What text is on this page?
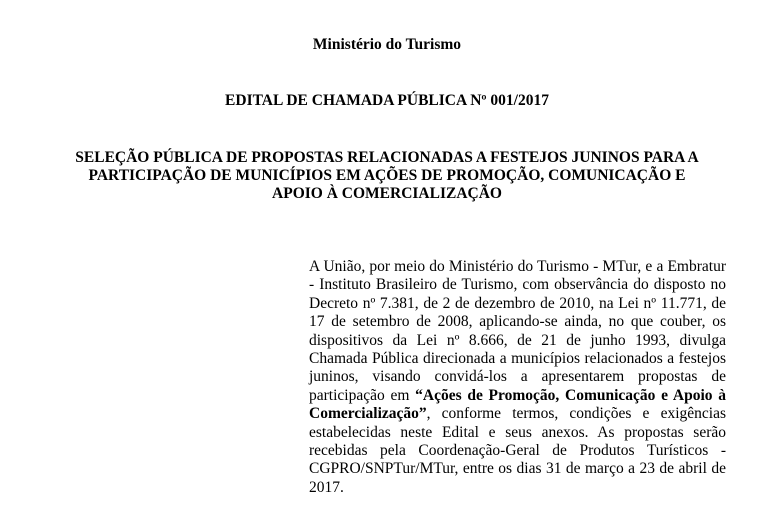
Ministério do Turismo

EDITAL DE CHAMADA PÚBLICA Nº 001/2017

SELEÇÃO PÚBLICA DE PROPOSTAS RELACIONADAS A FESTEJOS JUNINOS PARA A
PARTICIPAÇÃO DE MUNICÍPIOS EM AÇÕES DE PROMOÇÃO, COMUNICAÇÃO E
APOIO À COMERCIALIZAÇÃO

A União, por meio do Ministério do Turismo - MTur, e a Embratur - Instituto Brasileiro de Turismo, com observância do disposto no Decreto nº 7.381, de 2 de dezembro de 2010, na Lei nº 11.771, de 17 de setembro de 2008, aplicando-se ainda, no que couber, os dispositivos da Lei nº 8.666, de 21 de junho 1993, divulga Chamada Pública direcionada a municípios relacionados a festejos juninos, visando convidá-los a apresentarem propostas de participação em “Ações de Promoção, Comunicação e Apoio à Comercialização”, conforme termos, condições e exigências estabelecidas neste Edital e seus anexos. As propostas serão recebidas pela Coordenação-Geral de Produtos Turísticos - CGPRO/SNPTur/MTur, entre os dias 31 de março a 23 de abril de 2017.
